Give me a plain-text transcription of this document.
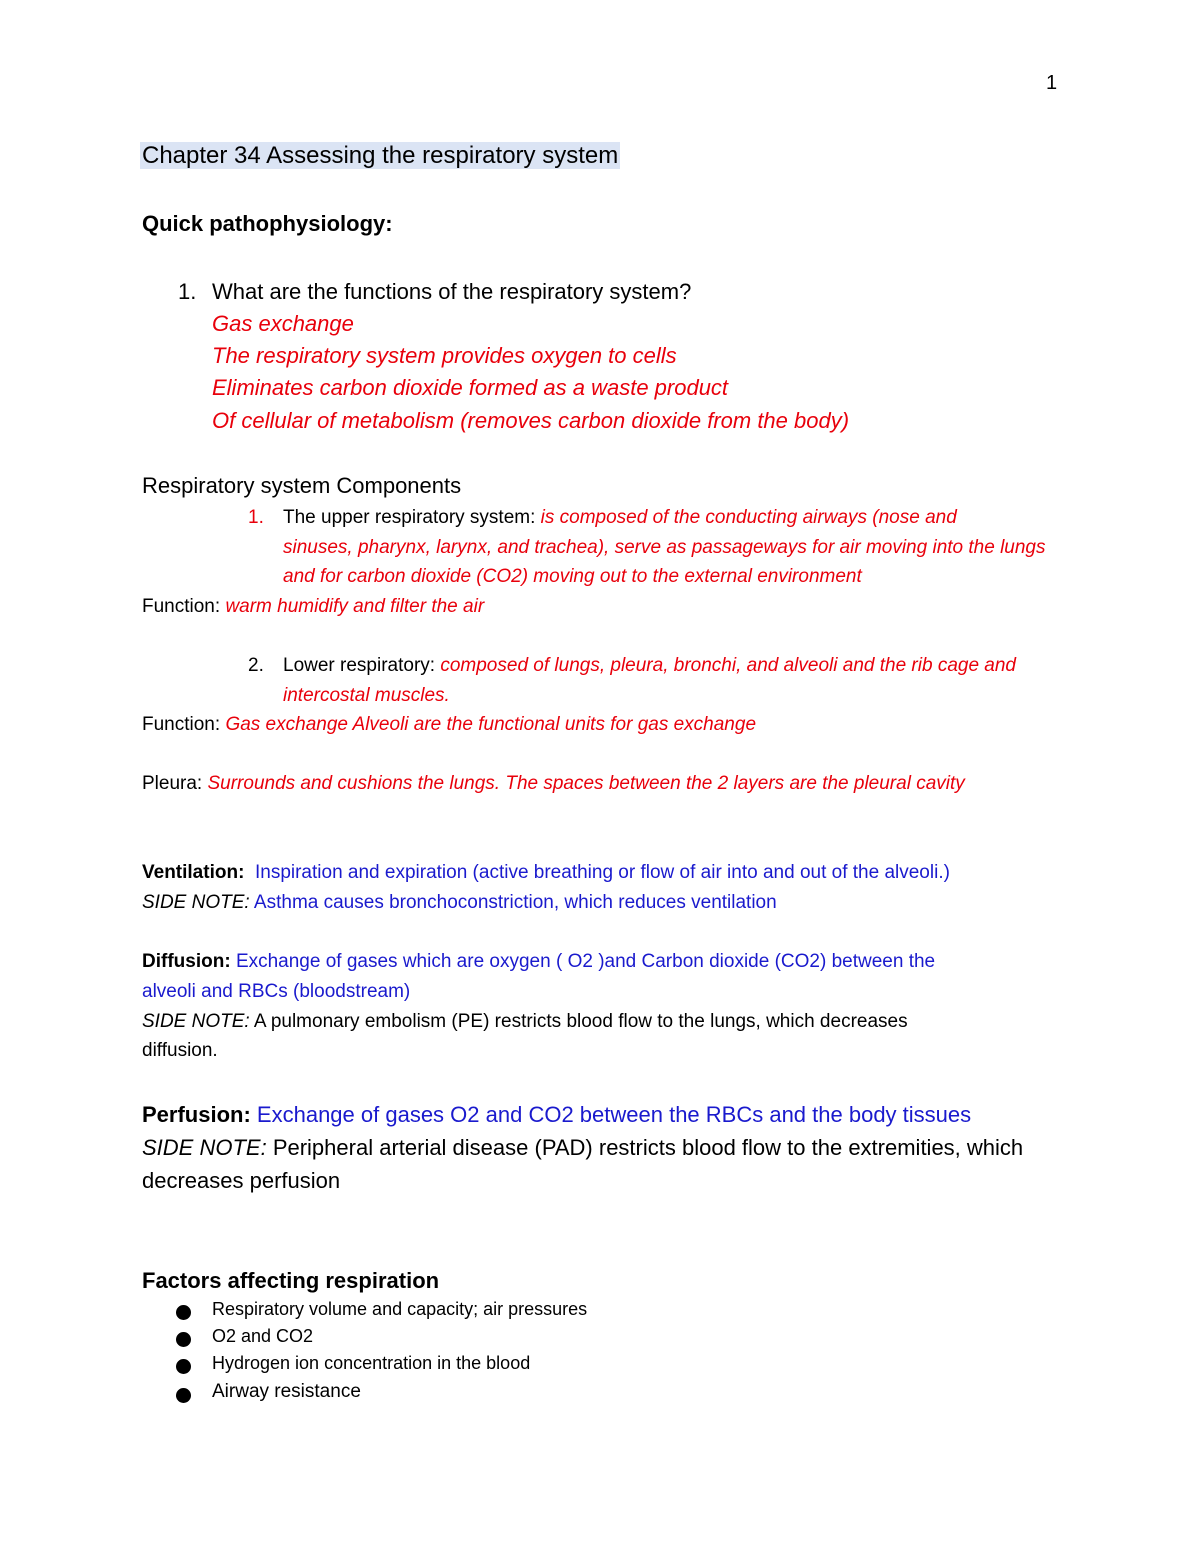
1
Chapter 34 Assessing the respiratory system
Quick pathophysiology:
1. What are the functions of the respiratory system?
Gas exchange
The respiratory system provides oxygen to cells
Eliminates carbon dioxide formed as a waste product
Of cellular of metabolism (removes carbon dioxide from the body)
Respiratory system Components
1. The upper respiratory system: is composed of the conducting airways (nose and
sinuses, pharynx, larynx, and trachea), serve as passageways for air moving into the lungs
and for carbon dioxide (CO2) moving out to the external environment
Function: warm humidify and filter the air
2. Lower respiratory: composed of lungs, pleura, bronchi, and alveoli and the rib cage and
intercostal muscles.
Function: Gas exchange Alveoli are the functional units for gas exchange
Pleura: Surrounds and cushions the lungs. The spaces between the 2 layers are the pleural cavity
Ventilation: Inspiration and expiration (active breathing or flow of air into and out of the alveoli.)
SIDE NOTE: Asthma causes bronchoconstriction, which reduces ventilation
Diffusion: Exchange of gases which are oxygen ( O2 )and Carbon dioxide (CO2) between the
alveoli and RBCs (bloodstream)
SIDE NOTE: A pulmonary embolism (PE) restricts blood flow to the lungs, which decreases
diffusion.
Perfusion: Exchange of gases O2 and CO2 between the RBCs and the body tissues
SIDE NOTE: Peripheral arterial disease (PAD) restricts blood flow to the extremities, which
decreases perfusion
Factors affecting respiration
Respiratory volume and capacity; air pressures
O2 and CO2
Hydrogen ion concentration in the blood
Airway resistance
